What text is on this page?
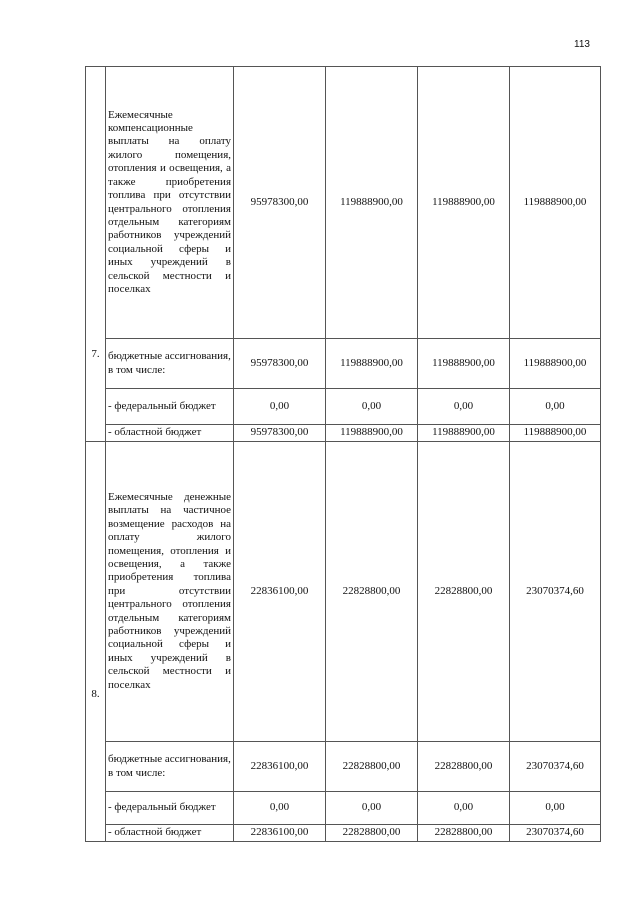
113
7.	Ежемесячные компенсационные выплаты на оплату жилого помещения, отопления и освещения, а также приобретения топлива при отсутствии центрального отопления отдельным категориям работников учреждений социальной сферы и иных учреждений в сельской местности и поселках	95978300,00	119888900,00	119888900,00	119888900,00
	бюджетные ассигнования, в том числе:	95978300,00	119888900,00	119888900,00	119888900,00
	- федеральный бюджет	0,00	0,00	0,00	0,00
	- областной бюджет	95978300,00	119888900,00	119888900,00	119888900,00
8.	Ежемесячные денежные выплаты на частичное возмещение расходов на оплату жилого помещения, отопления и освещения, а также приобретения топлива при отсутствии центрального отопления отдельным категориям работников учреждений социальной сферы и иных учреждений в сельской местности и поселках	22836100,00	22828800,00	22828800,00	23070374,60
	бюджетные ассигнования, в том числе:	22836100,00	22828800,00	22828800,00	23070374,60
	- федеральный бюджет	0,00	0,00	0,00	0,00
	- областной бюджет	22836100,00	22828800,00	22828800,00	23070374,60
